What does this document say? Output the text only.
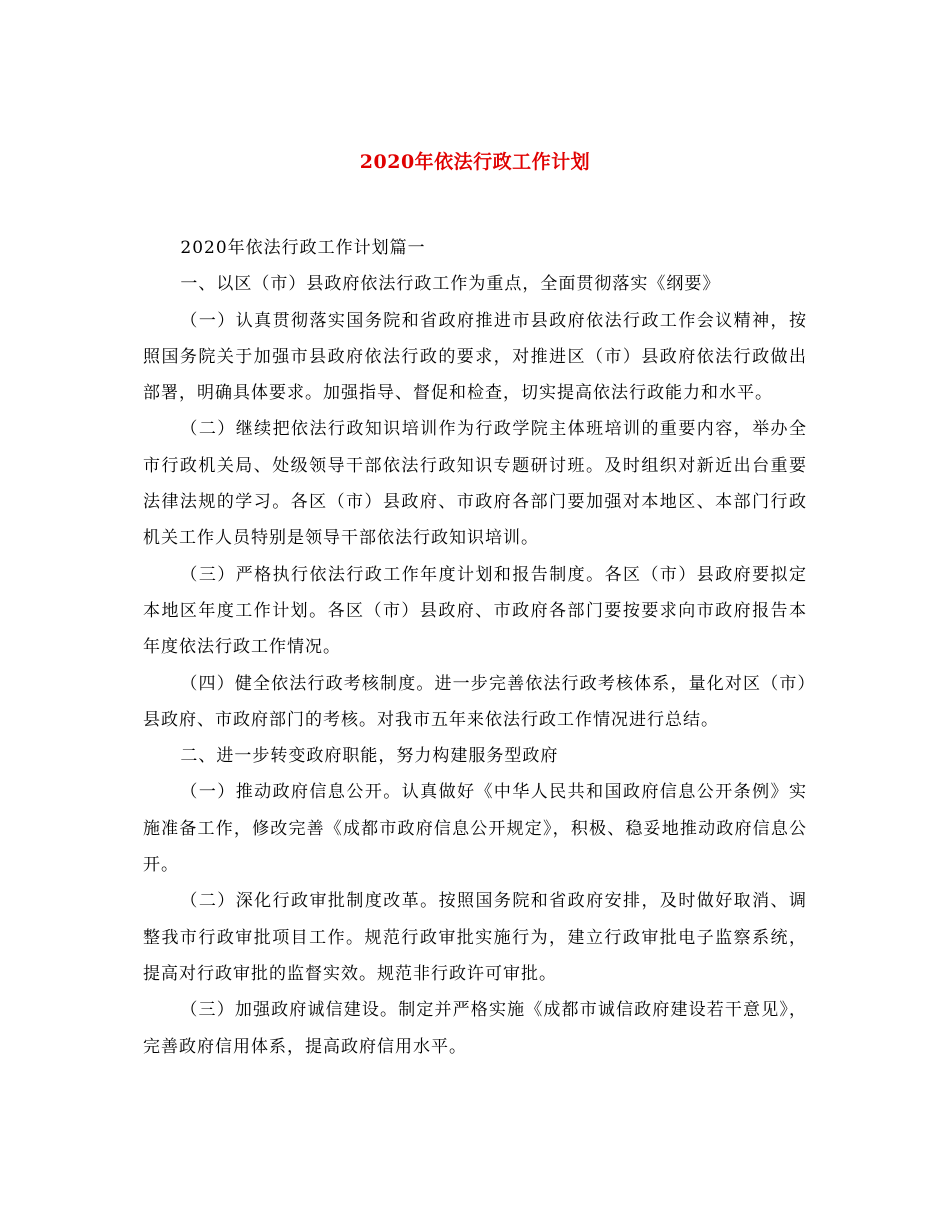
2020年依法行政工作计划

2020年依法行政工作计划篇一

一、以区（市）县政府依法行政工作为重点，全面贯彻落实《纲要》

（一）认真贯彻落实国务院和省政府推进市县政府依法行政工作会议精神，按照国务院关于加强市县政府依法行政的要求，对推进区（市）县政府依法行政做出部署，明确具体要求。加强指导、督促和检查，切实提高依法行政能力和水平。

（二）继续把依法行政知识培训作为行政学院主体班培训的重要内容，举办全市行政机关局、处级领导干部依法行政知识专题研讨班。及时组织对新近出台重要法律法规的学习。各区（市）县政府、市政府各部门要加强对本地区、本部门行政机关工作人员特别是领导干部依法行政知识培训。

（三）严格执行依法行政工作年度计划和报告制度。各区（市）县政府要拟定本地区年度工作计划。各区（市）县政府、市政府各部门要按要求向市政府报告本年度依法行政工作情况。

（四）健全依法行政考核制度。进一步完善依法行政考核体系，量化对区（市）县政府、市政府部门的考核。对我市五年来依法行政工作情况进行总结。

二、进一步转变政府职能，努力构建服务型政府

（一）推动政府信息公开。认真做好《中华人民共和国政府信息公开条例》实施准备工作，修改完善《成都市政府信息公开规定》，积极、稳妥地推动政府信息公开。

（二）深化行政审批制度改革。按照国务院和省政府安排，及时做好取消、调整我市行政审批项目工作。规范行政审批实施行为，建立行政审批电子监察系统，提高对行政审批的监督实效。规范非行政许可审批。

（三）加强政府诚信建设。制定并严格实施《成都市诚信政府建设若干意见》，完善政府信用体系，提高政府信用水平。
